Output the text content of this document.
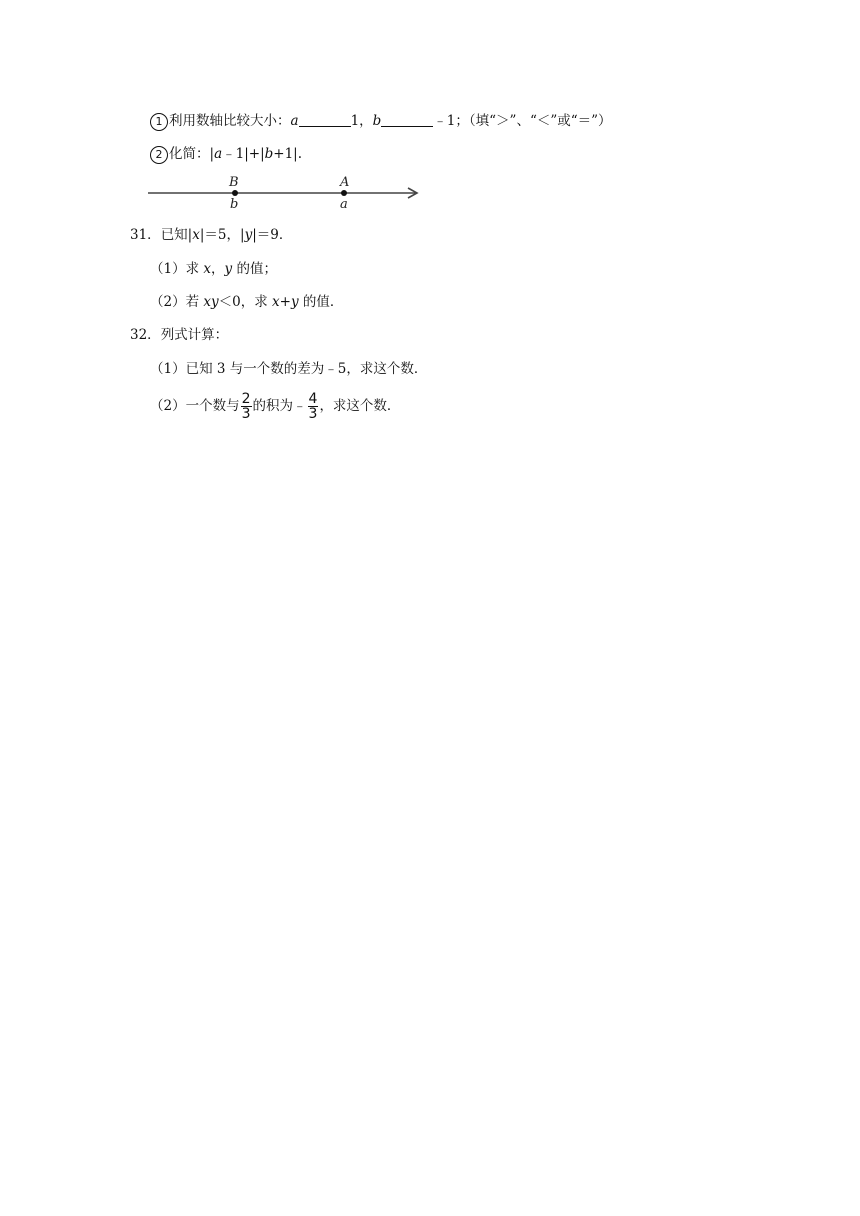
1 利用数轴比较大小：a	1，b	﹣1；（填“＞”、“＜”或“＝”）
2 化简：|a﹣1|+|b+1|.
B
b
A
a
31．已知|x|＝5，|y|＝9．
（1）求 x，y 的值；
（2）若 xy＜0，求 x+y 的值．
32．列式计算：
（1）已知 3 与一个数的差为﹣5，求这个数．
（2）一个数与 $\frac{2}{3}$ 的积为﹣ $\frac{4}{3}$ ，求这个数．
